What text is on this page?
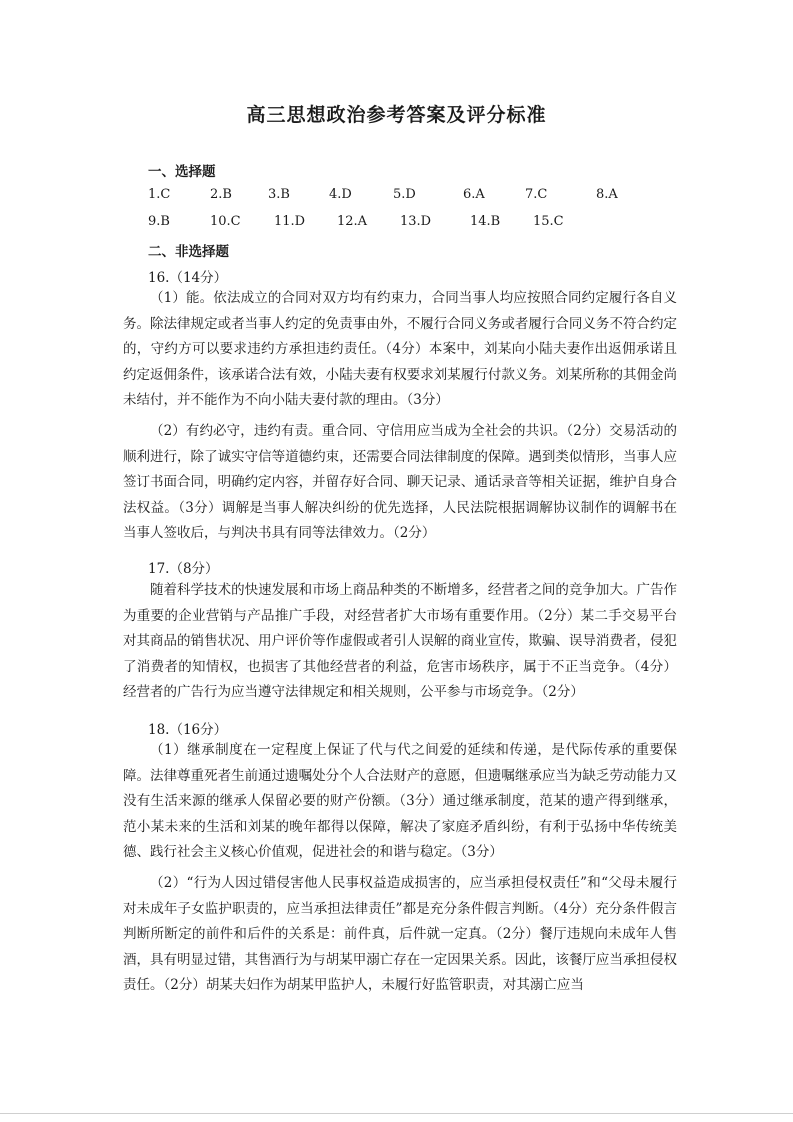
高三思想政治参考答案及评分标准
一、选择题
1.C	2.B	3.B	4.D	5.D	6.A	7.C	8.A
9.B	10.C	11.D 12.A	13.D	14.B	15.C
二、非选择题
16.（14分）
（1）能。依法成立的合同对双方均有约束力，合同当事人均应按照合同约定履行各自义务。除法律规定或者当事人约定的免责事由外，不履行合同义务或者履行合同义务不符合约定的，守约方可以要求违约方承担违约责任。（4分）本案中，刘某向小陆夫妻作出返佣承诺且约定返佣条件，该承诺合法有效，小陆夫妻有权要求刘某履行付款义务。刘某所称的其佣金尚未结付，并不能作为不向小陆夫妻付款的理由。（3分）
（2）有约必守，违约有责。重合同、守信用应当成为全社会的共识。（2分）交易活动的顺利进行，除了诚实守信等道德约束，还需要合同法律制度的保障。遇到类似情形，当事人应签订书面合同，明确约定内容，并留存好合同、聊天记录、通话录音等相关证据，维护自身合法权益。（3分）调解是当事人解决纠纷的优先选择，人民法院根据调解协议制作的调解书在当事人签收后，与判决书具有同等法律效力。（2分）
17.（8分）
随着科学技术的快速发展和市场上商品种类的不断增多，经营者之间的竞争加大。广告作为重要的企业营销与产品推广手段，对经营者扩大市场有重要作用。（2分）某二手交易平台对其商品的销售状况、用户评价等作虚假或者引人误解的商业宣传，欺骗、误导消费者，侵犯了消费者的知情权，也损害了其他经营者的利益，危害市场秩序，属于不正当竞争。（4分）经营者的广告行为应当遵守法律规定和相关规则，公平参与市场竞争。（2分）
18.（16分）
（1）继承制度在一定程度上保证了代与代之间爱的延续和传递，是代际传承的重要保障。法律尊重死者生前通过遗嘱处分个人合法财产的意愿，但遗嘱继承应当为缺乏劳动能力又没有生活来源的继承人保留必要的财产份额。（3分）通过继承制度，范某的遗产得到继承，范小某未来的生活和刘某的晚年都得以保障，解决了家庭矛盾纠纷，有利于弘扬中华传统美德、践行社会主义核心价值观，促进社会的和谐与稳定。（3分）
（2）“行为人因过错侵害他人民事权益造成损害的，应当承担侵权责任”和“父母未履行对未成年子女监护职责的，应当承担法律责任”都是充分条件假言判断。（4分）充分条件假言判断所断定的前件和后件的关系是：前件真，后件就一定真。（2分）餐厅违规向未成年人售酒，具有明显过错，其售酒行为与胡某甲溺亡存在一定因果关系。因此，该餐厅应当承担侵权责任。（2分）胡某夫妇作为胡某甲监护人，未履行好监管职责，对其溺亡应当
